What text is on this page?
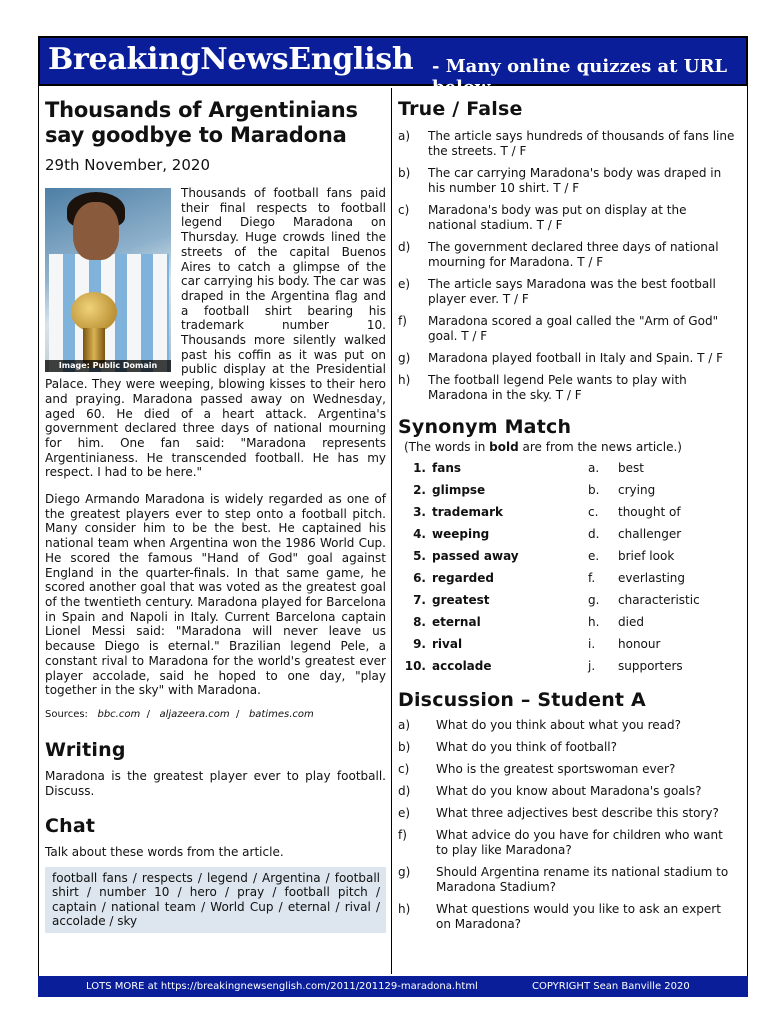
BreakingNewsEnglish - Many online quizzes at URL below
Thousands of Argentinians say goodbye to Maradona
29th November, 2020
Image: Public Domain

Thousands of football fans paid their final respects to football legend Diego Maradona on Thursday. Huge crowds lined the streets of the capital Buenos Aires to catch a glimpse of the car carrying his body. The car was draped in the Argentina flag and a football shirt bearing his trademark number 10. Thousands more silently walked past his coffin as it was put on public display at the Presidential Palace. They were weeping, blowing kisses to their hero and praying. Maradona passed away on Wednesday, aged 60. He died of a heart attack. Argentina's government declared three days of national mourning for him. One fan said: "Maradona represents Argentinianess. He transcended football. He has my respect. I had to be here."

Diego Armando Maradona is widely regarded as one of the greatest players ever to step onto a football pitch. Many consider him to be the best. He captained his national team when Argentina won the 1986 World Cup. He scored the famous "Hand of God" goal against England in the quarter-finals. In that same game, he scored another goal that was voted as the greatest goal of the twentieth century. Maradona played for Barcelona in Spain and Napoli in Italy. Current Barcelona captain Lionel Messi said: "Maradona will never leave us because Diego is eternal." Brazilian legend Pele, a constant rival to Maradona for the world's greatest ever player accolade, said he hoped to one day, "play together in the sky" with Maradona.

Sources: bbc.com / aljazeera.com / batimes.com
Writing
Maradona is the greatest player ever to play football. Discuss.
Chat
Talk about these words from the article.
football fans / respects / legend / Argentina / football shirt / number 10 / hero / pray / football pitch / captain / national team / World Cup / eternal / rival / accolade / sky
True / False
a)	The article says hundreds of thousands of fans line the streets. T / F
b)	The car carrying Maradona's body was draped in his number 10 shirt. T / F
c)	Maradona's body was put on display at the national stadium. T / F
d)	The government declared three days of national mourning for Maradona. T / F
e)	The article says Maradona was the best football player ever. T / F
f)	Maradona scored a goal called the "Arm of God" goal. T / F
g)	Maradona played football in Italy and Spain. T / F
h)	The football legend Pele wants to play with Maradona in the sky. T / F
Synonym Match
(The words in bold are from the news article.)
1. fans	a.	best
2. glimpse	b.	crying
3. trademark	c.	thought of
4. weeping	d.	challenger
5. passed away	e.	brief look
6. regarded	f.	everlasting
7. greatest	g.	characteristic
8. eternal	h.	died
9. rival	i.	honour
10. accolade	j.	supporters
Discussion – Student A
a)	What do you think about what you read?
b)	What do you think of football?
c)	Who is the greatest sportswoman ever?
d)	What do you know about Maradona's goals?
e)	What three adjectives best describe this story?
f)	What advice do you have for children who want to play like Maradona?
g)	Should Argentina rename its national stadium to Maradona Stadium?
h)	What questions would you like to ask an expert on Maradona?
LOTS MORE at https://breakingnewsenglish.com/2011/201129-maradona.html	COPYRIGHT Sean Banville 2020
